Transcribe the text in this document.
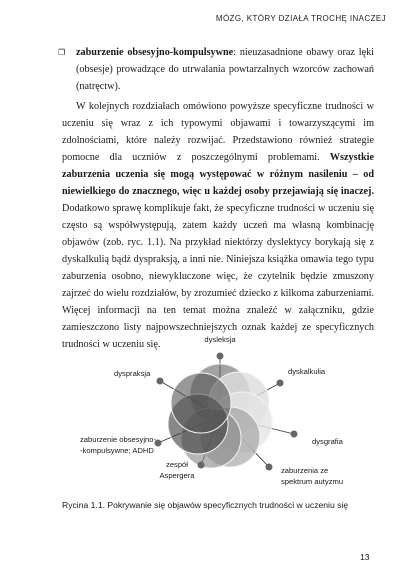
MÓZG, KTÓRY DZIAŁA TROCHĘ INACZEJ
❐ zaburzenie obsesyjno-kompulsywne: nieuzasadnione obawy oraz lęki (obsesje) prowadzące do utrwalania powtarzalnych wzorców zachowań (natręctw).
W kolejnych rozdziałach omówiono powyższe specyficzne trudności w uczeniu się wraz z ich typowymi objawami i towarzyszącymi im zdolnościami, które należy rozwijać. Przedstawiono również strategie pomocne dla uczniów z poszczególnymi problemami. Wszystkie zaburzenia uczenia się mogą występować w różnym nasileniu – od niewielkiego do znacznego, więc u każdej osoby przejawiają się inaczej. Dodatkowo sprawę komplikuje fakt, że specyficzne trudności w uczeniu się często są współwystępują, zatem każdy uczeń ma własną kombinację objawów (zob. ryc. 1.1). Na przykład niektórzy dyslektycy borykają się z dyskalkulią bądź dyspraksją, a inni nie. Niniejsza książka omawia tego typu zaburzenia osobno, niewykluczone więc, że czytelnik będzie zmuszony zajrzeć do wielu rozdziałów, by zrozumieć dziecko z kilkoma zaburzeniami. Więcej informacji na ten temat można znaleźć w załączniku, gdzie zamieszczono listy najpowszechniejszych oznak każdej ze specyficznych trudności w uczeniu się.	dysleksja
dyskalkulia
dyspraksja
zaburzenie obsesyjno-
-kompulsywne; ADHD
dysgrafia
zespół
Aspergera
zaburzenia ze
spektrum autyzmu
Rycina 1.1. Pokrywanie się objawów specyficznych trudności w uczeniu się
13
